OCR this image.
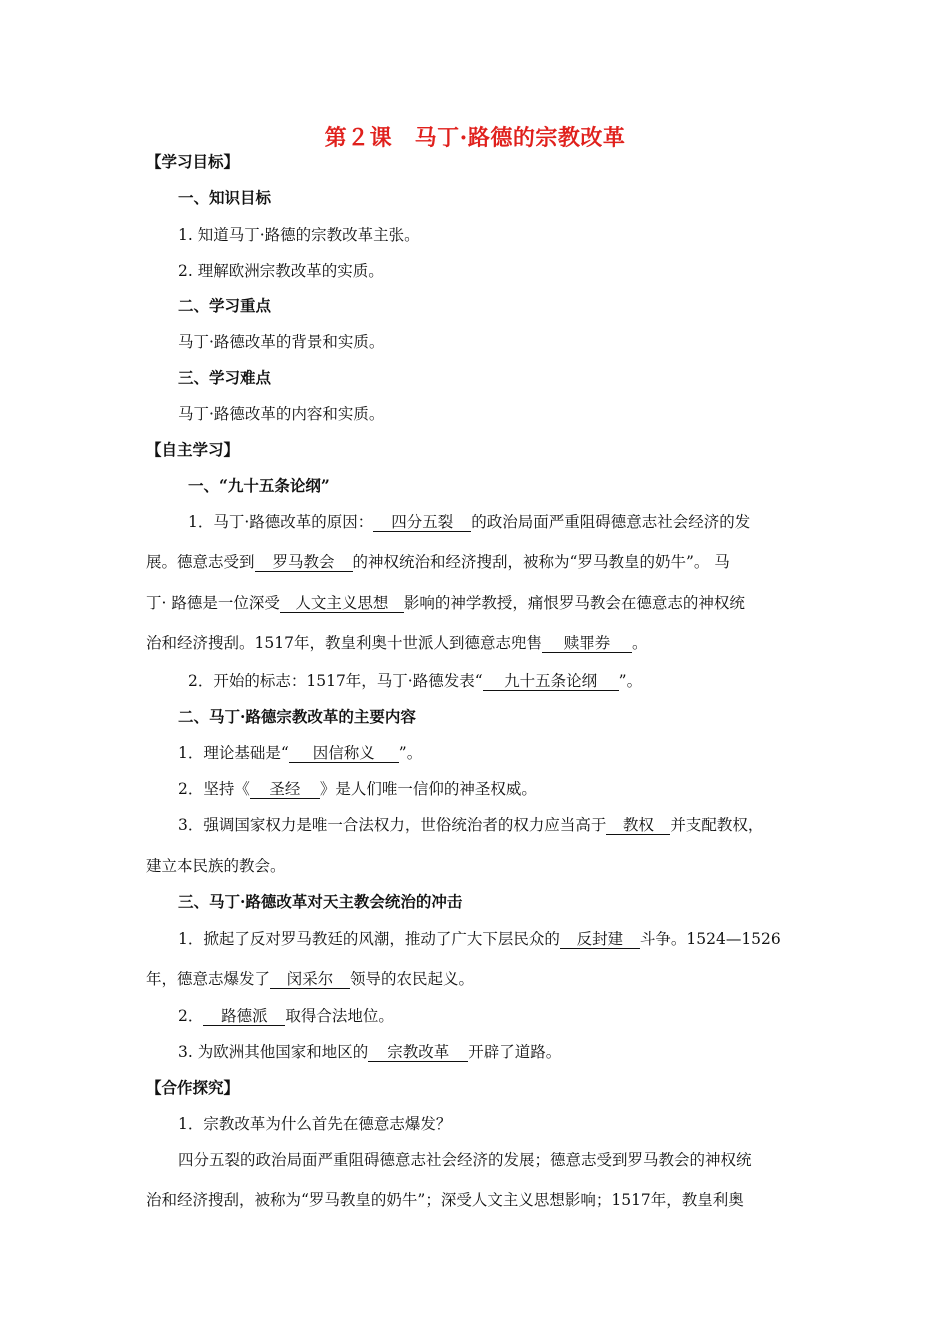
第２课　马丁·路德的宗教改革
【学习目标】
一、知识目标
1. 知道马丁·路德的宗教改革主张。
2. 理解欧洲宗教改革的实质。
二、学习重点
马丁·路德改革的背景和实质。
三、学习难点
马丁·路德改革的内容和实质。
【自主学习】
一、“九十五条论纲”
1．马丁·路德改革的原因： 四分五裂 的政治局面严重阻碍德意志社会经济的发
展。德意志受到 罗马教会 的神权统治和经济搜刮，被称为“罗马教皇的奶牛”。 马
丁· 路德是一位深受 人文主义思想 影响的神学教授，痛恨罗马教会在德意志的神权统
治和经济搜刮。1517年，教皇利奥十世派人到德意志兜售 赎罪券 。
2．开始的标志：1517年，马丁·路德发表“ 九十五条论纲 ”。
二、马丁·路德宗教改革的主要内容
1．理论基础是“ 因信称义 ”。
2．坚持《 圣经 》是人们唯一信仰的神圣权威。
3．强调国家权力是唯一合法权力，世俗统治者的权力应当高于 教权 并支配教权，
建立本民族的教会。
三、马丁·路德改革对天主教会统治的冲击
1．掀起了反对罗马教廷的风潮，推动了广大下层民众的 反封建 斗争。1524—1526
年，德意志爆发了 闵采尔 领导的农民起义。
2． 路德派 取得合法地位。
3. 为欧洲其他国家和地区的 宗教改革 开辟了道路。
【合作探究】
1．宗教改革为什么首先在德意志爆发？
四分五裂的政治局面严重阻碍德意志社会经济的发展；德意志受到罗马教会的神权统
治和经济搜刮，被称为“罗马教皇的奶牛”；深受人文主义思想影响；1517年，教皇利奥
